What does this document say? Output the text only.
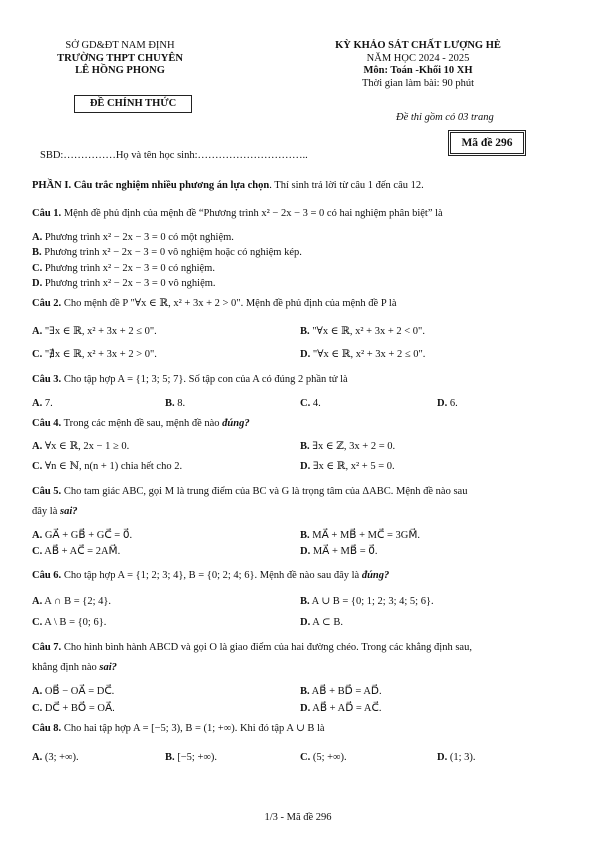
SỞ GD&ĐT NAM ĐỊNH
TRƯỜNG THPT CHUYÊN
LÊ HỒNG PHONG
ĐỀ CHÍNH THỨC
KỲ KHẢO SÁT CHẤT LƯỢNG HÈ
NĂM HỌC 2024 - 2025
Môn: Toán -Khối 10 XH
Thời gian làm bài: 90 phút
Đề thi gồm có 03 trang
Mã đề 296
SBD:……………Họ và tên học sinh:…………………………..
PHẦN I. Câu trắc nghiệm nhiều phương án lựa chọn. Thí sinh trả lời từ câu 1 đến câu 12.
Câu 1. Mệnh đề phủ định của mệnh đề “Phương trình x² − 2x − 3 = 0 có hai nghiệm phân biệt” là
A. Phương trình x² − 2x − 3 = 0 có một nghiệm.
B. Phương trình x² − 2x − 3 = 0 vô nghiệm hoặc có nghiệm kép.
C. Phương trình x² − 2x − 3 = 0 có nghiệm.
D. Phương trình x² − 2x − 3 = 0 vô nghiệm.
Câu 2. Cho mệnh đề P "∀x ∈ ℝ, x² + 3x + 2 > 0". Mệnh đề phủ định của mệnh đề P là
A. "∃x ∈ ℝ, x² + 3x + 2 ≤ 0".	B. "∀x ∈ ℝ, x² + 3x + 2 < 0".
C. "∄x ∈ ℝ, x² + 3x + 2 > 0".	D. "∀x ∈ ℝ, x² + 3x + 2 ≤ 0".
Câu 3. Cho tập hợp A = {1; 3; 5; 7}. Số tập con của A có đúng 2 phần tử là
A. 7.	B. 8.	C. 4.	D. 6.
Câu 4. Trong các mệnh đề sau, mệnh đề nào đúng?
A. ∀x ∈ ℝ, 2x − 1 ≥ 0.	B. ∃x ∈ ℤ, 3x + 2 = 0.
C. ∀n ∈ ℕ, n(n + 1) chia hết cho 2.	D. ∃x ∈ ℝ, x² + 5 = 0.
Câu 5. Cho tam giác ABC, gọi M là trung điểm của BC và G là trọng tâm của ΔABC. Mệnh đề nào sau
đây là sai?
A. GA⃗ + GB⃗ + GC⃗ = 0⃗.	B. MA⃗ + MB⃗ + MC⃗ = 3GM⃗.
C. AB⃗ + AC⃗ = 2AM⃗.	D. MA⃗ + MB⃗ = 0⃗.
Câu 6. Cho tập hợp A = {1; 2; 3; 4}, B = {0; 2; 4; 6}. Mệnh đề nào sau đây là đúng?
A. A ∩ B = {2; 4}.	B. A ∪ B = {0; 1; 2; 3; 4; 5; 6}.
C. A \ B = {0; 6}.	D. A ⊂ B.
Câu 7. Cho hình bình hành ABCD và gọi O là giao điểm của hai đường chéo. Trong các khẳng định sau,
khẳng định nào sai?
A. OB⃗ − OA⃗ = DC⃗.	B. AB⃗ + BD⃗ = AD⃗.
C. DC⃗ + BO⃗ = OA⃗.	D. AB⃗ + AD⃗ = AC⃗.
Câu 8. Cho hai tập hợp A = [−5; 3), B = (1; +∞). Khi đó tập A ∪ B là
A. (3; +∞).	B. [−5; +∞).	C. (5; +∞).	D. (1; 3).
1/3 - Mã đề 296
